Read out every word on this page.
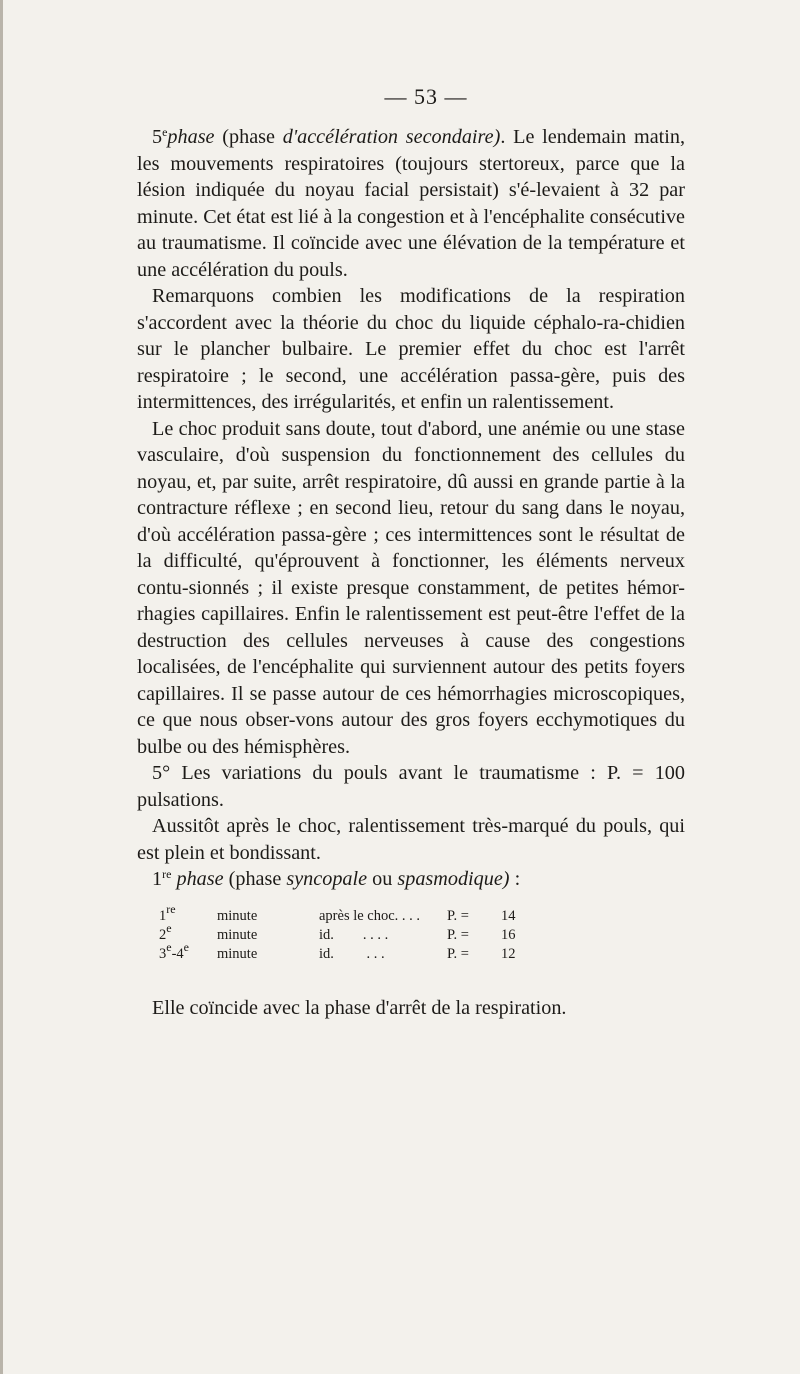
— 53 —

5ephase (phase d'accélération secondaire). Le lendemain matin, les mouvements respiratoires (toujours stertoreux, parce que la lésion indiquée du noyau facial persistait) s'é-levaient à 32 par minute. Cet état est lié à la congestion et à l'encéphalite consécutive au traumatisme. Il coïncide avec une élévation de la température et une accélération du pouls.

Remarquons combien les modifications de la respiration s'accordent avec la théorie du choc du liquide céphalo-ra-chidien sur le plancher bulbaire. Le premier effet du choc est l'arrêt respiratoire ; le second, une accélération passa-gère, puis des intermittences, des irrégularités, et enfin un ralentissement.

Le choc produit sans doute, tout d'abord, une anémie ou une stase vasculaire, d'où suspension du fonctionnement des cellules du noyau, et, par suite, arrêt respiratoire, dû aussi en grande partie à la contracture réflexe ; en second lieu, retour du sang dans le noyau, d'où accélération passa-gère ; ces intermittences sont le résultat de la difficulté, qu'éprouvent à fonctionner, les éléments nerveux contu-sionnés ; il existe presque constamment, de petites hémor-rhagies capillaires. Enfin le ralentissement est peut-être l'effet de la destruction des cellules nerveuses à cause des congestions localisées, de l'encéphalite qui surviennent autour des petits foyers capillaires. Il se passe autour de ces hémorrhagies microscopiques, ce que nous obser-vons autour des gros foyers ecchymotiques du bulbe ou des hémisphères.

5° Les variations du pouls avant le traumatisme : P. = 100 pulsations.

Aussitôt après le choc, ralentissement très-marqué du pouls, qui est plein et bondissant.

1re phase (phase syncopale ou spasmodique) :

1re	minute	après le choc. . . .	P. =	14
2e	minute	id.        . . . .	P. =	16
3e-4e	minute	id.         . . .	P. =	12

Elle coïncide avec la phase d'arrêt de la respiration.
